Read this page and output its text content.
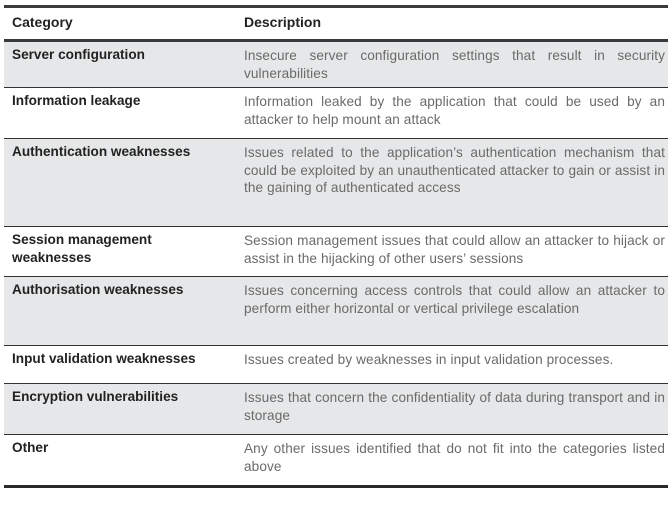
Category	Description
Server configuration	Insecure server configuration settings that result in security vulnerabilities
Information leakage	Information leaked by the application that could be used by an attacker to help mount an attack
Authentication weaknesses	Issues related to the application’s authentication mechanism that could be exploited by an unauthenticated attacker to gain or assist in the gaining of authenticated access
Session management weaknesses	Session management issues that could allow an attacker to hijack or assist in the hijacking of other users’ sessions
Authorisation weaknesses	Issues concerning access controls that could allow an attacker to perform either horizontal or vertical privilege escalation
Input validation weaknesses	Issues created by weaknesses in input validation processes.
Encryption vulnerabilities	Issues that concern the confidentiality of data during transport and in storage
Other	Any other issues identified that do not fit into the categories listed above
